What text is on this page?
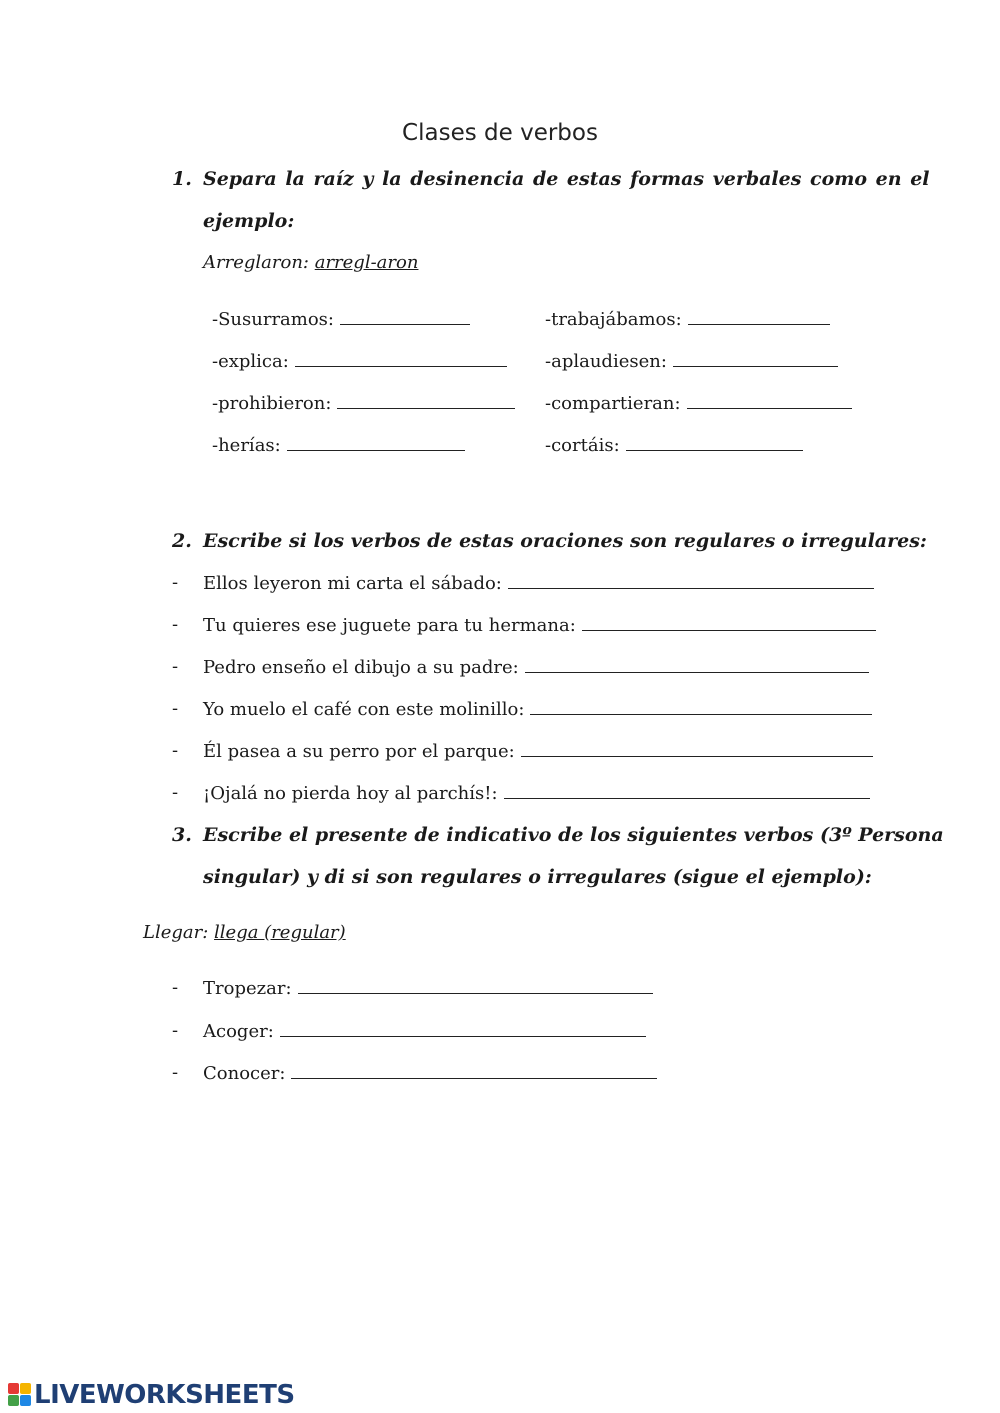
Clases de verbos
1. Separa la raíz y la desinencia de estas formas verbales como en el
ejemplo:
Arreglaron: arregl-aron
-Susurramos:
-explica:
-prohibieron:
-herías:
-trabajábamos:
-aplaudiesen:
-compartieran:
-cortáis:
2. Escribe si los verbos de estas oraciones son regulares o irregulares:
- Ellos leyeron mi carta el sábado:
- Tu quieres ese juguete para tu hermana:
- Pedro enseño el dibujo a su padre:
- Yo muelo el café con este molinillo:
- Él pasea a su perro por el parque:
- ¡Ojalá no pierda hoy al parchís!:
3. Escribe el presente de indicativo de los siguientes verbos (3º Persona
singular) y di si son regulares o irregulares (sigue el ejemplo):
Llegar: llega (regular)
- Tropezar:
- Acoger:
- Conocer:
LIVEWORKSHEETS
